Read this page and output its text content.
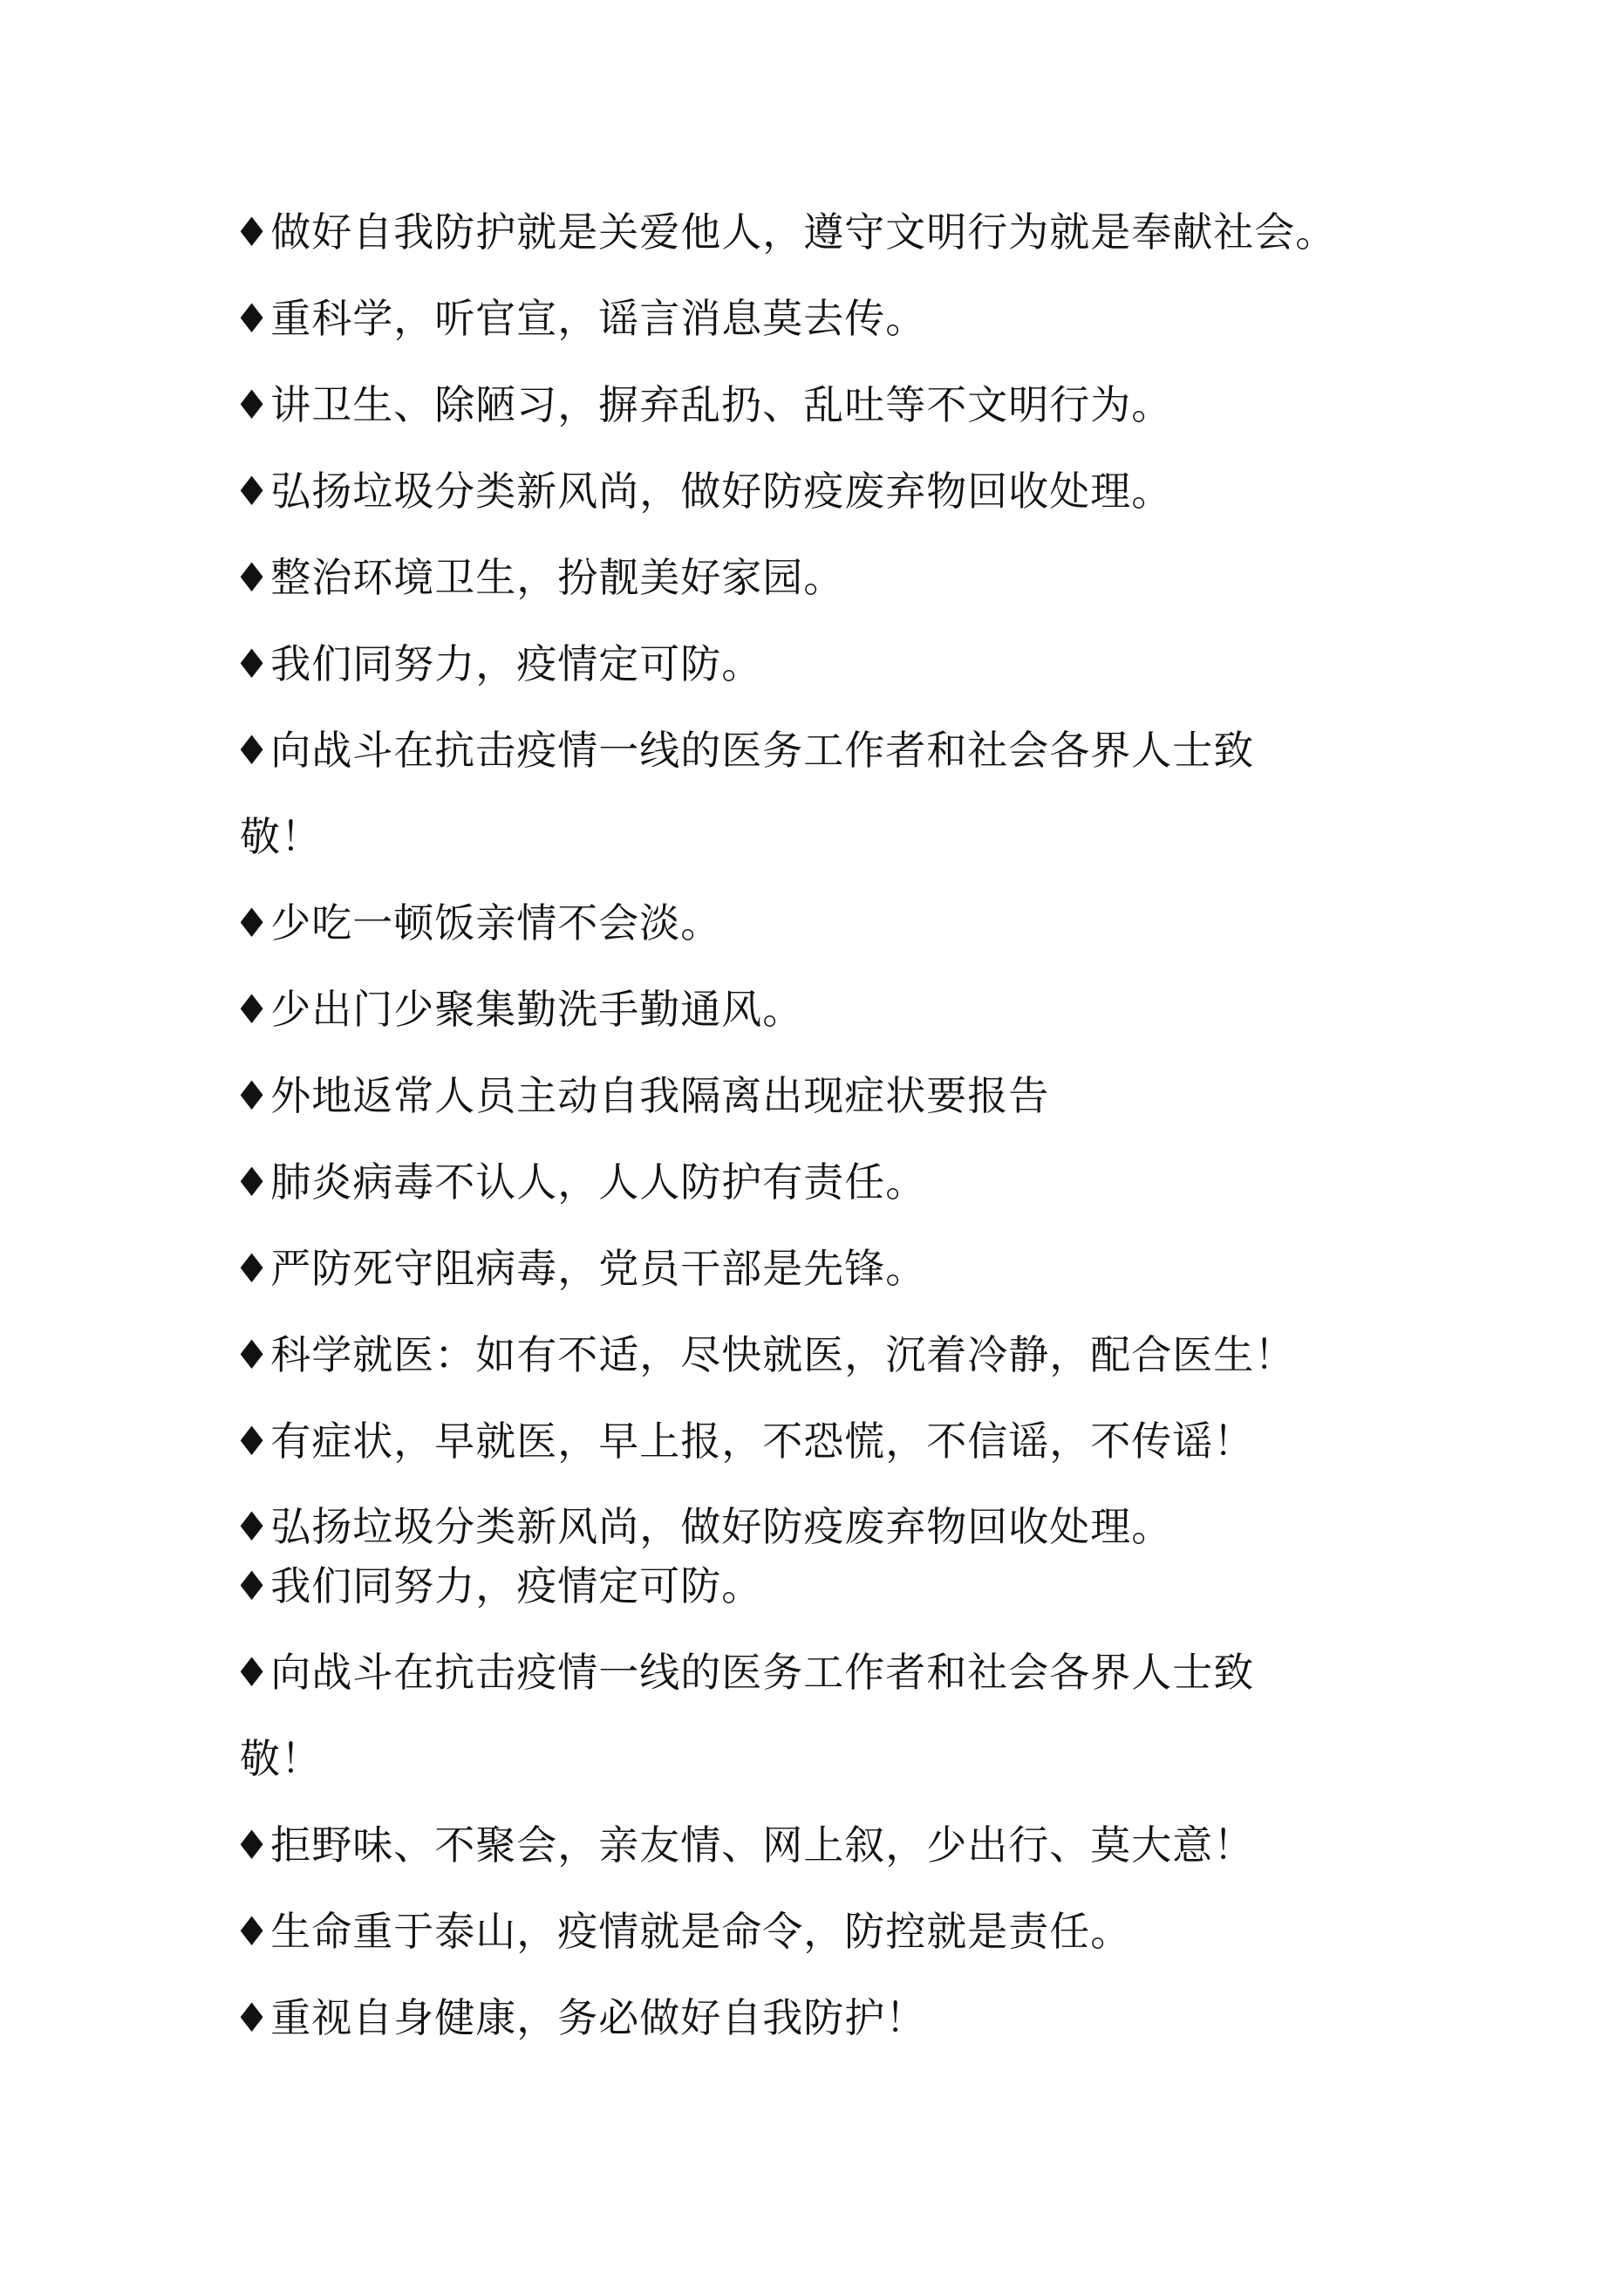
♦做好自我防护就是关爱他人，遵守文明行为就是奉献社会。
♦重科学，听官宣，谣言消息莫去传。
♦讲卫生、除陋习，摒弃乱扔、乱吐等不文明行为。
♦弘扬垃圾分类新风尚，做好防疫废弃物回收处理。
♦整治环境卫生，扮靓美好家园。
♦我们同努力，疫情定可防。
♦向战斗在抗击疫情一线的医务工作者和社会各界人士致
敬！
♦少吃一顿饭亲情不会淡。
♦少出门少聚集勤洗手勤通风。
♦外地返常人员主动自我隔离出现症状要报告
♦肺炎病毒不认人，人人防护有责任。
♦严防死守阻病毒，党员干部是先锋。
♦科学就医：如有不适，尽快就医，沉着冷静，配合医生！
♦有症状，早就医，早上报，不恐慌，不信谣，不传谣！
♦弘扬垃圾分类新风尚，做好防疫废弃物回收处理。
♦我们同努力，疫情定可防。
♦向战斗在抗击疫情一线的医务工作者和社会各界人士致
敬！
♦拒野味、不聚会，亲友情、网上叙，少出行、莫大意！
♦生命重于泰山，疫情就是命令，防控就是责任。
♦重视自身健康，务必做好自我防护！
